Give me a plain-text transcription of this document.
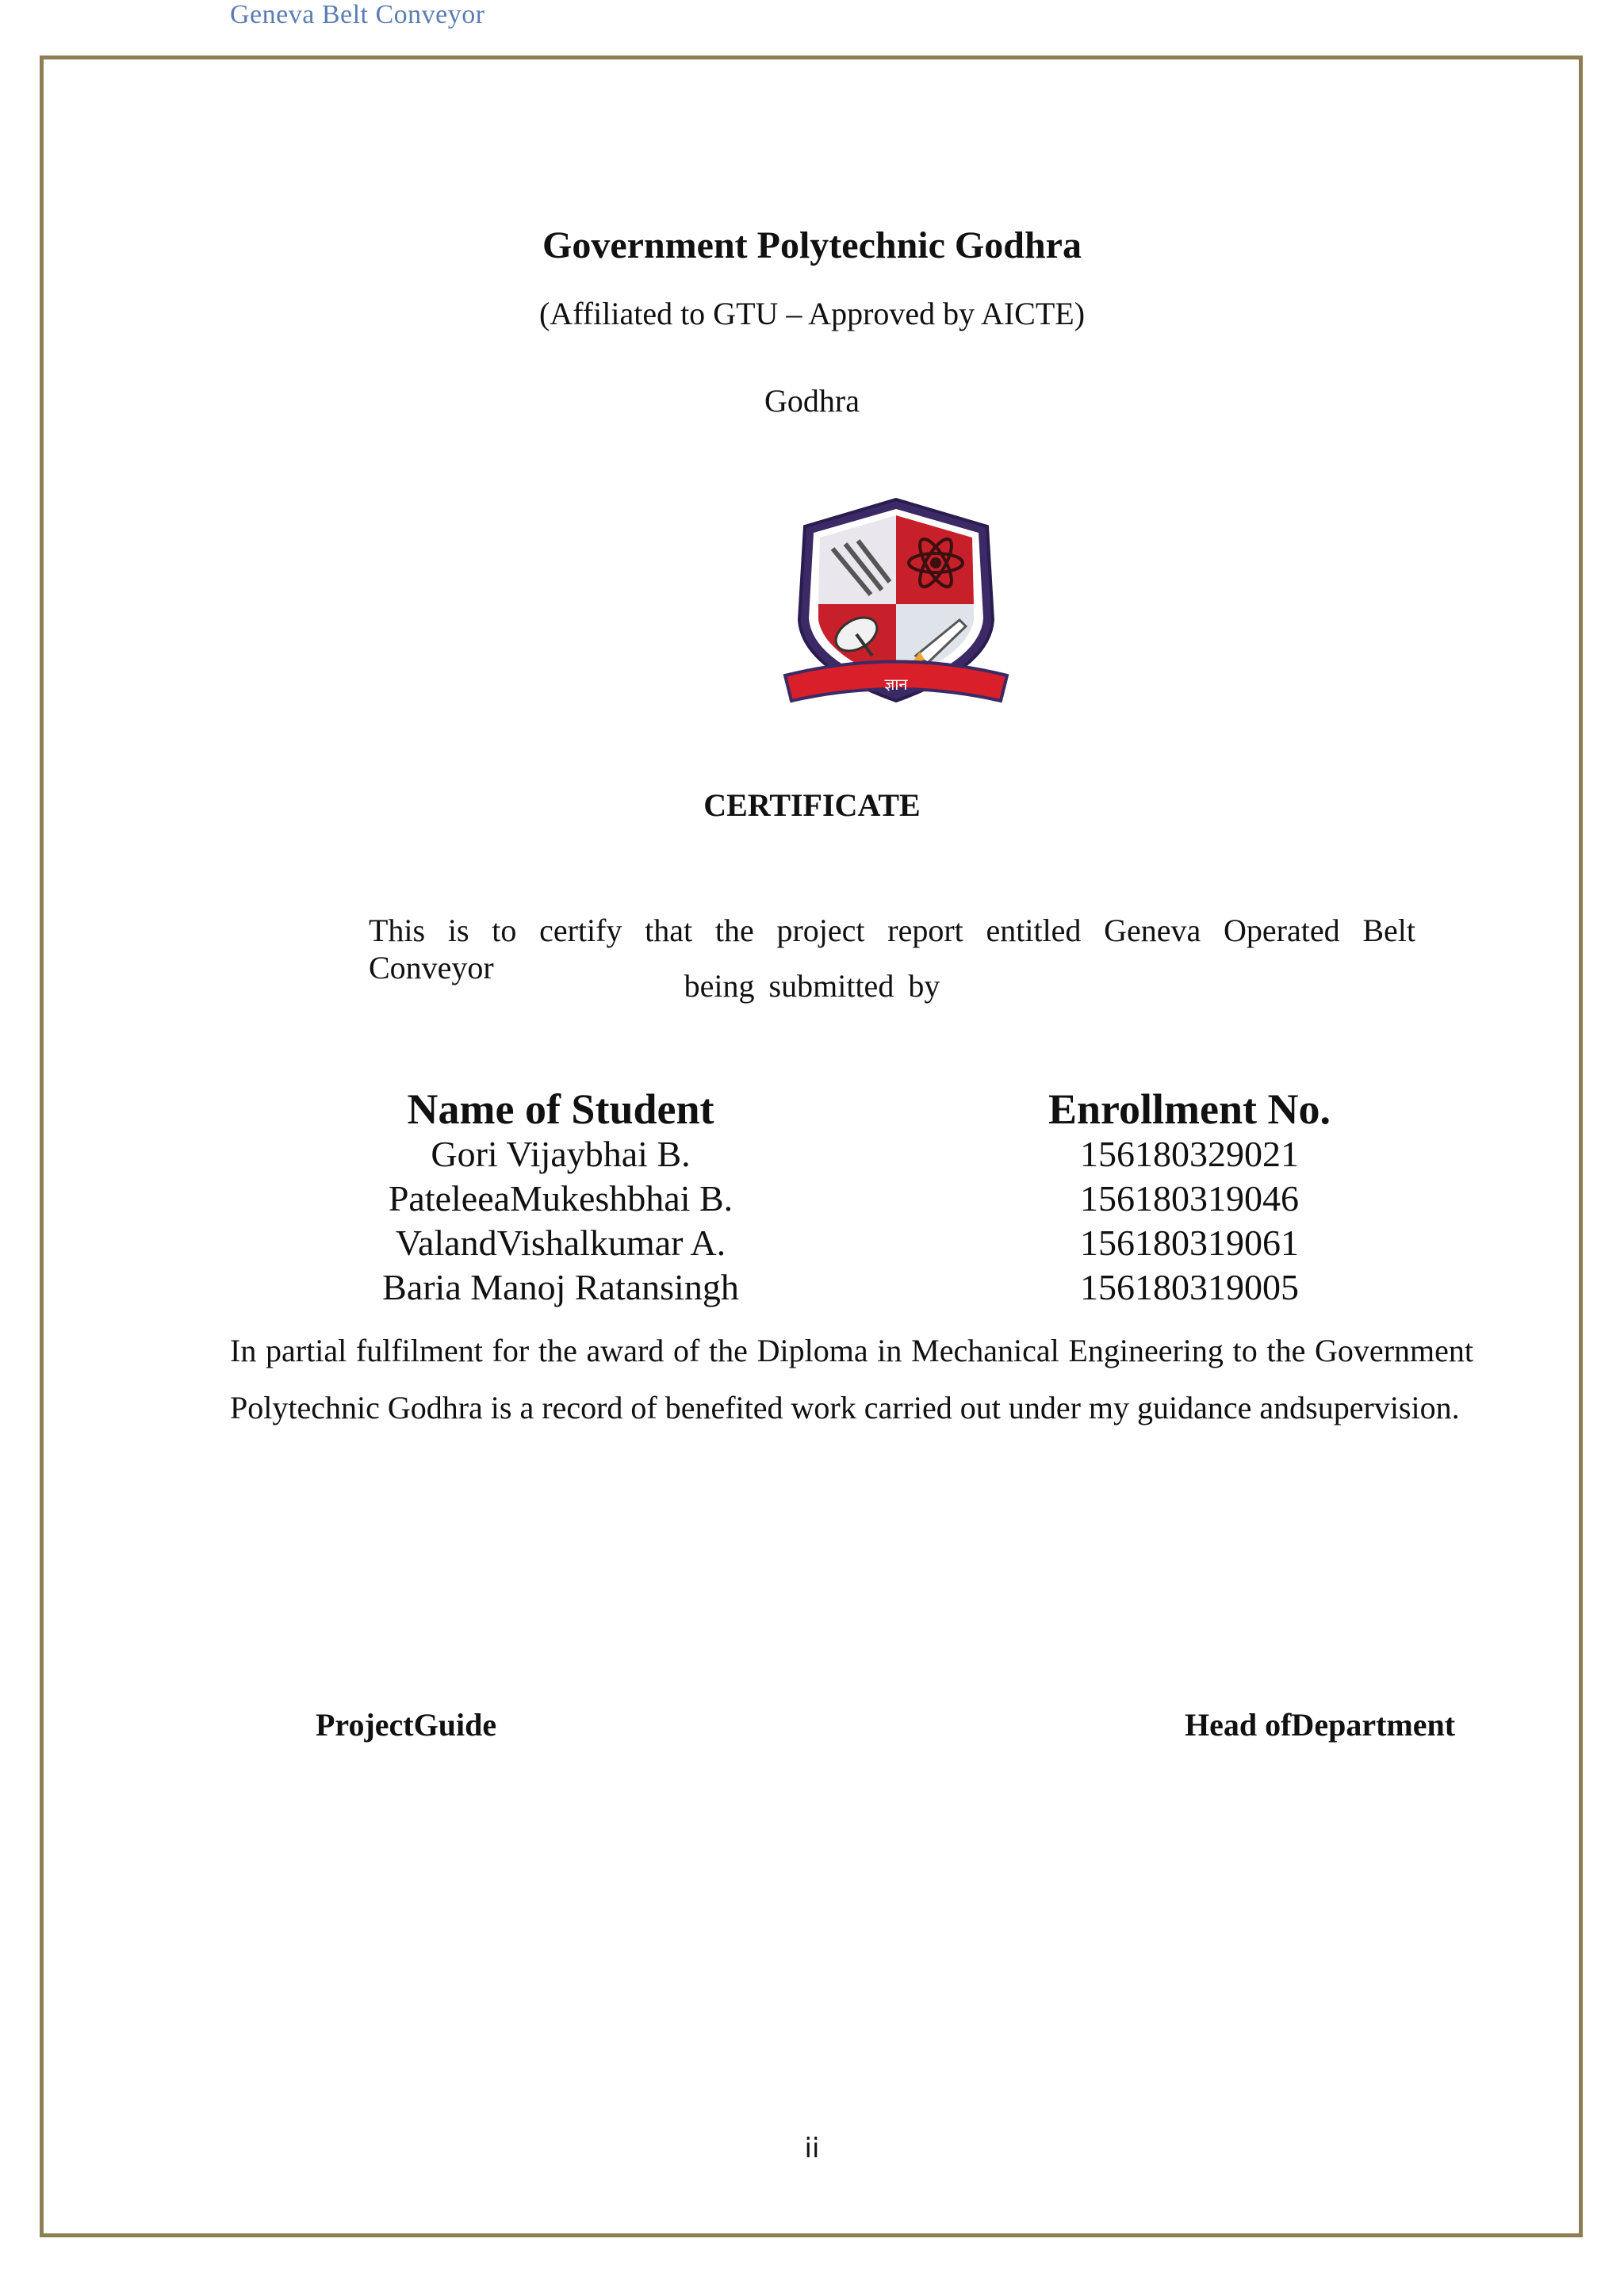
Geneva Belt Conveyor
Government Polytechnic Godhra
(Affiliated to GTU – Approved by AICTE)
Godhra
ज्ञान
CERTIFICATE
This is to certify that the project report entitled Geneva Operated Belt Conveyor
being submitted by
Name of Student	Enrollment No.
Gori Vijaybhai B.	156180329021
PateleeaMukeshbhai B.	156180319046
ValandVishalkumar A.	156180319061
Baria Manoj Ratansingh	156180319005
In partial fulfilment for the award of the Diploma in Mechanical Engineering to the Government Polytechnic Godhra is a record of benefited work carried out under my guidance andsupervision.
ProjectGuide	Head ofDepartment
ii
